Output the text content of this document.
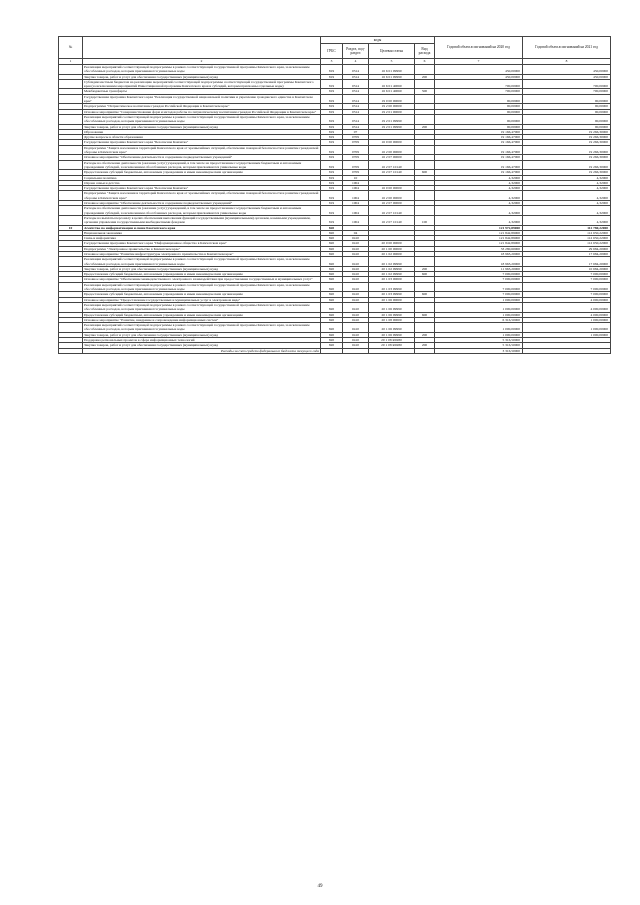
№		коды				Годовой объем ассигнований на 2020 год	Годовой объем ассигнований на 2021 год
		ГРБС	Раздел, под-раздел	Целевая статья	Вид расхода		
1	2	3	4	5	6	7	8
	Реализация мероприятий соответствующей подпрограммы в рамках соответствующей государственной программы Камчатского края, за исключением обособленных расходов, которым присваиваются уникальные коды	819	0314	16 6 01 09990		450,00000	450,00000
	Закупка товаров, работ и услуг для обеспечения государственных (муниципальных) нужд	819	0314	16 6 01 09990	200	450,00000	450,00000
	Субсидии местным бюджетам на реализацию мероприятий соответствующей подпрограммы соответствующей государственной программы Камчатского края (за исключением мероприятий Инвестиционной программы Камчатского края и субсидий, которым присвоены отдельные коды)	819	0314	16 6 01 40060		700,00000	700,00000
	Межбюджетные трансферты	819	0314	16 6 01 40060	500	700,00000	700,00000
	Государственная программа Камчатского края "Реализация государственной национальной политики и укрепление гражданского единства в Камчатском крае"	819	0314	19 0 00 00000		90,00000	90,00000
	Подпрограмма "Патриотическое воспитание граждан Российской Федерации в Камчатском крае"	819	0314	19 2 00 00000		90,00000	90,00000
	Основное мероприятие "Совершенствование форм и методов работы по патриотическому воспитанию граждан Российской Федерации в Камчатском крае"	819	0314	19 2 01 00000		90,00000	90,00000
	Реализация мероприятий соответствующей подпрограммы в рамках соответствующей государственной программы Камчатского края, за исключением обособленных расходов, которым присваиваются уникальные коды	819	0314	19 2 01 09990		90,00000	90,00000
	Закупка товаров, работ и услуг для обеспечения государственных (муниципальных) нужд	819	0314	19 2 01 09990	200	90,00000	90,00000
	Образование	819	07			19 166,47000	19 266,30000
	Другие вопросы в области образования	819	0709			19 166,47000	19 266,30000
	Государственная программа Камчатского края "Безопасная Камчатка"	819	0709	16 0 00 00000		19 166,47000	19 266,30000
	Подпрограмма "Защита населения и территорий Камчатского края от чрезвычайных ситуаций, обеспечение пожарной безопасности и развитие гражданской обороны в Камчатском крае"	819	0709	16 2 00 00000		19 166,47000	19 266,30000
	Основное мероприятие "Обеспечение деятельности и содержание подведомственных учреждений"	819	0709	16 2 07 00000		19 166,47000	19 266,30000
	Расходы на обеспечение деятельности (оказание услуг) учреждений, в том числе на предоставление государственным бюджетным и автономным учреждениям субсидий, за исключением обособленных расходов, которым присваиваются уникальные коды	819	0709	16 2 07 10140		19 166,47000	19 266,30000
	Предоставление субсидий бюджетным, автономным учреждениям и иным некоммерческим организациям	819	0709	16 2 07 10140	600	19 166,47000	19 266,30000
	Социальная политика	819	10			4,32000	4,32000
	Охрана семьи и детства	819	1004			4,32000	4,32000
	Государственная программа Камчатского края "Безопасная Камчатка"	819	1004	16 0 00 00000		4,32000	4,32000
	Подпрограмма "Защита населения и территорий Камчатского края от чрезвычайных ситуаций, обеспечение пожарной безопасности и развитие гражданской обороны в Камчатском крае"	819	1004	16 2 00 00000		4,32000	4,32000
	Основное мероприятие "Обеспечение деятельности и содержание подведомственных учреждений"	819	1004	16 2 07 00000		4,32000	4,32000
	Расходы на обеспечение деятельности (оказание услуг) учреждений, в том числе на предоставление государственным бюджетным и автономным учреждениям субсидий, за исключением обособленных расходов, которым присваиваются уникальные коды	819	1004	16 2 07 10140		4,32000	4,32000
	Расходы на выплаты персоналу в целях обеспечения выполнения функций государственными (муниципальными) органами, казенными учреждениями, органами управления государственными внебюджетными фондами	819	1004	16 2 07 10140	100	4,32000	4,32000
10	Агентство по информатизации и связи Камчатского края	820				121 972,89000	112 780,22000
	Национальная экономика	820	04			121 842,89000	112 650,22000
	Связь и информатика	820	0410			121 842,89000	112 650,22000
	Государственная программа Камчатского края "Информационное общество в Камчатском крае"	820	0410	20 0 00 00000		121 842,89000	112 650,22000
	Подпрограмма "Электронное правительство в Камчатском крае"	820	0410	20 1 00 00000		33 280,60000	29 684,20000
	Основное мероприятие "Развитие инфраструктуры электронного правительства в Камчатском крае"	820	0410	20 1 02 00000		18 963,20000	17 684,20000
	Реализация мероприятий соответствующей подпрограммы в рамках соответствующей государственной программы Камчатского края, за исключением обособленных расходов, которым присваиваются уникальные коды	820	0410	20 1 02 09990		18 963,20000	17 684,20000
	Закупка товаров, работ и услуг для обеспечения государственных (муниципальных) нужд	820	0410	20 1 02 09990	200	11 963,20000	10 684,20000
	Предоставление субсидий бюджетным, автономным учреждениям и иным некоммерческим организациям	820	0410	20 1 02 09990	600	7 000,00000	7 000,00000
	Основное мероприятие "Обеспечение межведомственного электронного взаимодействия при предоставлении государственных и муниципальных услуг"	820	0410	20 1 03 00000		7 000,00000	7 000,00000
	Реализация мероприятий соответствующей подпрограммы в рамках соответствующей государственной программы Камчатского края, за исключением обособленных расходов, которым присваиваются уникальные коды	820	0410	20 1 03 09990		7 000,00000	7 000,00000
	Предоставление субсидий бюджетным, автономным учреждениям и иным некоммерческим организациям	820	0410	20 1 03 09990	600	7 000,00000	7 000,00000
	Основное мероприятие "Предоставление государственных и муниципальных услуг в электронном виде"	820	0410	20 1 06 00000		1 000,00000	4 000,00000
	Реализация мероприятий соответствующей подпрограммы в рамках соответствующей государственной программы Камчатского края, за исключением обособленных расходов, которым присваиваются уникальные коды	820	0410	20 1 06 09990		1 000,00000	4 000,00000
	Предоставление субсидий бюджетным, автономным учреждениям и иным некоммерческим организациям	820	0410	20 1 06 09990	600	1 000,00000	4 000,00000
	Основное мероприятие "Развитие, внедрение и сопровождение информационных систем"	820	0410	20 1 08 00000		6 316,50000	1 000,00000
	Реализация мероприятий соответствующей подпрограммы в рамках соответствующей государственной программы Камчатского края, за исключением обособленных расходов, которым присваиваются уникальные коды	820	0410	20 1 06 09990		1 000,00000	1 000,00000
	Закупка товаров, работ и услуг для обеспечения государственных (муниципальных) нужд	820	0410	20 1 06 09990	200	1 000,00000	1 000,00000
	Поддержка региональных проектов в сфере информационных технологий	820	0410	20 1 08 R0280		5 316,50000	
	Закупка товаров, работ и услуг для обеспечения государственных (муниципальных) нужд	820	0410	20 1 08 R0280	200	5 316,50000	
	Расходы за счет средств федерального бюджета текущего года					3 316,50000	
49
